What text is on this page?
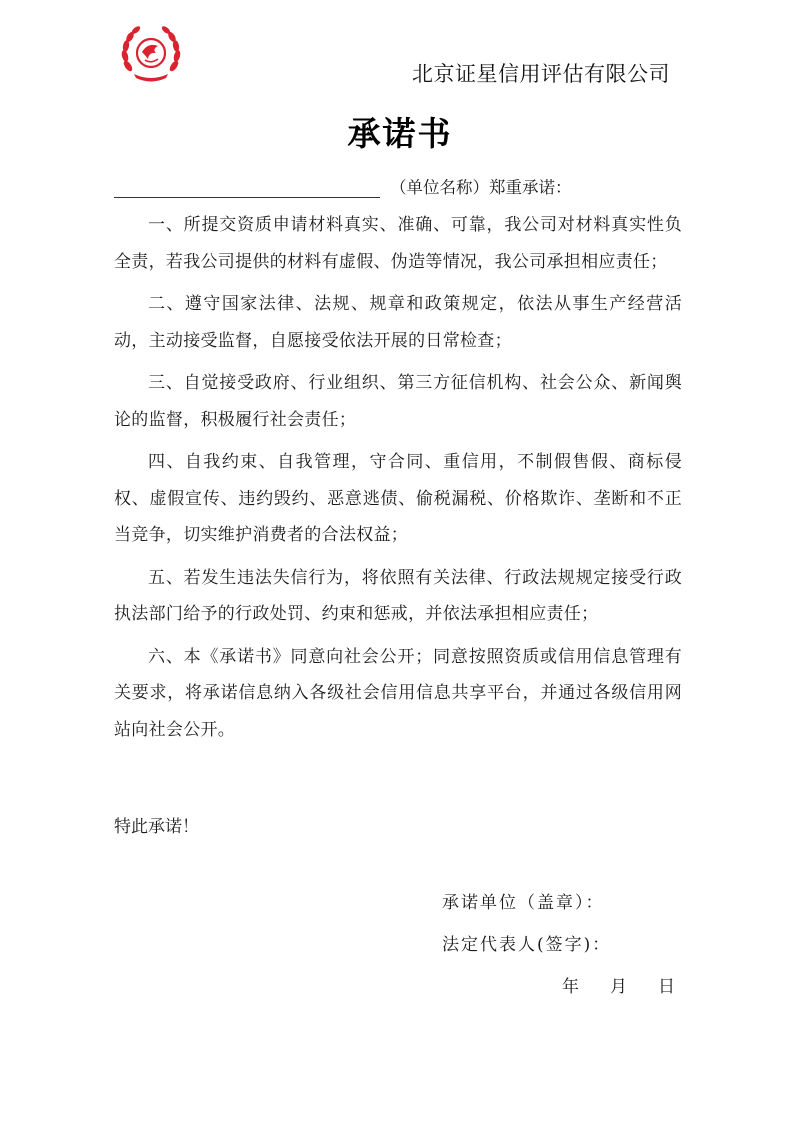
北京证星信用评估有限公司
承诺书
（单位名称）郑重承诺：

一、所提交资质申请材料真实、准确、可靠，我公司对材料真实性负全责，若我公司提供的材料有虚假、伪造等情况，我公司承担相应责任；

二、遵守国家法律、法规、规章和政策规定，依法从事生产经营活动，主动接受监督，自愿接受依法开展的日常检查；

三、自觉接受政府、行业组织、第三方征信机构、社会公众、新闻舆论的监督，积极履行社会责任；

四、自我约束、自我管理，守合同、重信用，不制假售假、商标侵权、虚假宣传、违约毁约、恶意逃债、偷税漏税、价格欺诈、垄断和不正当竞争，切实维护消费者的合法权益；

五、若发生违法失信行为，将依照有关法律、行政法规规定接受行政执法部门给予的行政处罚、约束和惩戒，并依法承担相应责任；

六、本《承诺书》同意向社会公开；同意按照资质或信用信息管理有关要求，将承诺信息纳入各级社会信用信息共享平台，并通过各级信用网站向社会公开。

特此承诺！
承诺单位（盖章）：
法定代表人(签字)：
年 月 日
